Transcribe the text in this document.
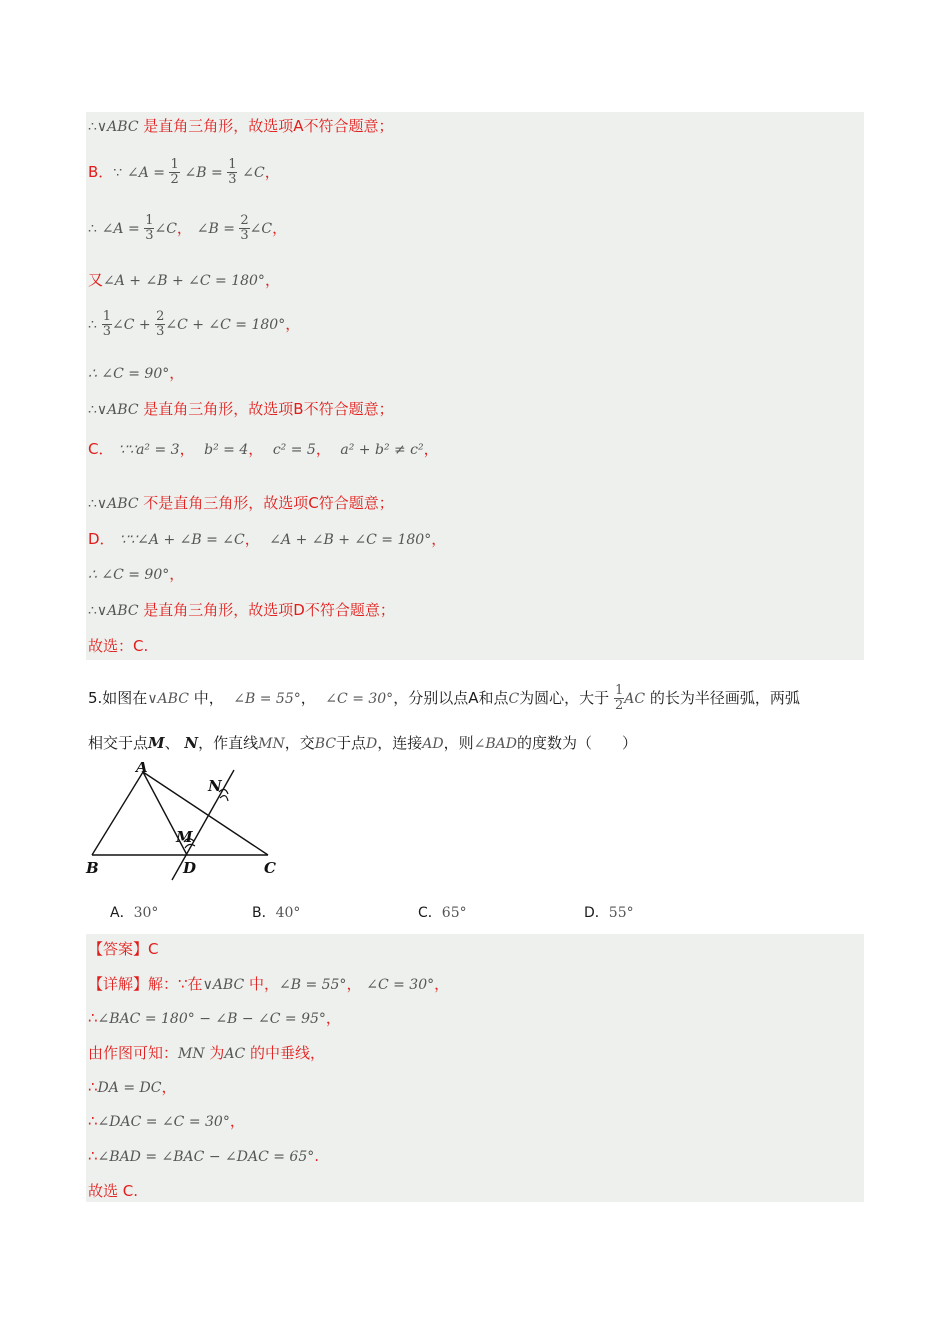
∴∨ABC 是直角三角形，故选项A不符合题意；
B．∵ ∠A = $\frac{1}{2}$ ∠B = $\frac{1}{3}$ ∠C，
∴ ∠A = $\frac{1}{3}$ ∠C， ∠B = $\frac{2}{3}$ ∠C，
又∠A + ∠B + ∠C = 180°，
∴ $\frac{1}{3}$ ∠C + $\frac{2}{3}$ ∠C + ∠C = 180°，
∴ ∠C = 90°，
∴∨ABC 是直角三角形，故选项B不符合题意；
C． ∵∵a² = 3， b² = 4， c² = 5， a² + b² ≠ c²，
∴∨ABC 不是直角三角形，故选项C符合题意；
D． ∵∵∠A + ∠B = ∠C， ∠A + ∠B + ∠C = 180°，
∴ ∠C = 90°，
∴∨ABC 是直角三角形，故选项D不符合题意；
故选：C.
5.如图在∨ABC 中， ∠B = 55°， ∠C = 30°，分别以点A和点C为圆心，大于 $\frac{1}{2}$ AC 的长为半径画弧，两弧
相交于点M、 N，作直线MN，交BC于点D，连接AD，则∠BAD的度数为（　　）
A
N
M
B	D	C
A．30°	B．40°	C．65°	D．55°
【答案】C
【详解】解：∵在∨ABC 中，∠B = 55°， ∠C = 30°，
∴∠BAC = 180° − ∠B − ∠C = 95°，
由作图可知：MN 为AC 的中垂线，
∴DA = DC，
∴∠DAC = ∠C = 30°，
∴∠BAD = ∠BAC − ∠DAC = 65°.
故选 C.
